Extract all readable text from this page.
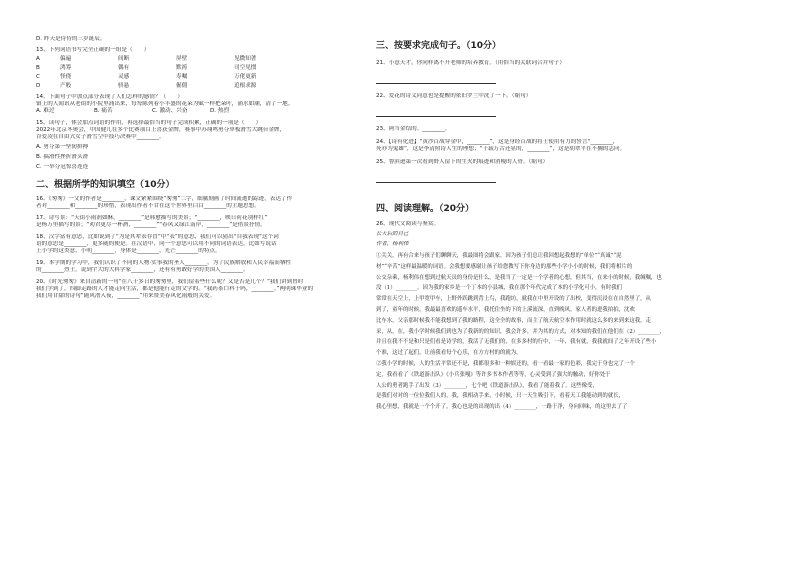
D. 昨天是侍侍的三岁诞辰。
13、下列词语书写完全正确的一组是（　　）
A	偏遍	间断	屏壁	见微知著
B	鸿筹	偶有	默祷	司空见惯
C	怪侥	灵感	寿嘱	万佬更新
D	产般	骄悬	倔僵	追根求源
14、下面句子中加点部分表现了人们怎样的感情？（　　）
镇上的人闻讯从老街的小院里涌出来，每每陈列着小丰盛的花朵为赋一样把朵叶，涌水如潮，清了一地。
A. 难过	B. 痛苦	C. 激动、兴奋	D. 热烈
15、读句子，体会加点词语的作用，再选择最恰当的句子完成积累，正确的一项是（　　）
2022年北京冬奥会，中国健儿在多个比赛项目上喜获金牌，赛事中苏翊鸣勇夺单板滑雪大跳台金牌，
谷爱凌在自由式女子滑雪空中技巧决赛中________。
A. 勇夺第一坚韧拼搏
B. 搞滑性挫折滑头滑
C. 一举夺冠惊喜连连
二、根据所学的知识填空（10分）
16、《匆匆》一文的作者是________，课文紧紧围绕“匆匆”二字，细腻刻画了时间流逝的踪迹，表达了作
者对________和________的珍惜，表现出作者不甘在这个世界里白白________的主题思想。
17、诗写景：“天街小雨润如酥，________”是韩愈描写的美景；“________，映日荷花别样红”
是杨万里描写的景；“劝君更尽一杯酒，________”“春风又绿江南岸，________”是借景抒情。
18、汉字富有意思，比如说到了“为是其辈表存冒”中“表”的意思，我们可以猜出“自我表现”这个词
语的意思是________，更多随的便是。在汉语中，同一个意思可以用不同的词语表达。比如写说话
上小学的这类意，小明________，身体是________，光芒________的特点。
19、本学期的学习中，我们认识了不同的人物·实事我的圣人________，为了民族解放和人民幸福而牺牲
的________烈士，说到宇大的大科学家________，还有有勇敢好学的美国人________。
20、《时光匆匆》来自清新的一句“在八千多日的匆匆里，我们留着些什么呢？又是否是几个？”我们讲到曾时
我们学到了，四脚走路的人才能走向生活，都是他能行走的文学的。“我药茶口科于吗，________。”两明珠毕业的
我们用甘甜的诗句“随风潜入夜，________”用来赞美春风化雨般的关爱。
三、按要求完成句子。（10分）
21、小意天才，你同样离不开老师的培养教育。（用恰当的关联词合并句子）
22、爱花的诗义同意也是提醒的依旧罗兰中洗了一下。（缩句）
23、阿当金结的。________。
24、【诗有化进】“黄沙百战穿金甲，________”，这是身经百战的将士使用有力的誓言“________，
死亦为鬼雄”，这是李清照诗人生的理想；“千载万古还显的，________”，这是胡翠平在不搁的志向。
25、鲁滨逊第一次看到野人留下的生火的痕迹和消瘦的人骨。（缩句）
四、阅读理解。（20分）
26、现代文阅读与鉴赏。
长大后的自己
作者，杨利伟
①关关，再有合来与孩子们聊聊天，我最图将会跟家。因为孩子们总让我回想起我想的“单位”“真诚”“泥
材”“辛苦”这样最温暖的词语。会我想要感谢让孩子给您教写下你身边的那些小学小小的时候，我们将相片的
公交杂乘，杨利伟在想到过航天员的身份是什么，是我当了一定是一个学者的心想，但其当，在来小的时候，我缄嘱，也
没（1）________。因为我的家乡是一个丁本的小县城，我在那个年代完成了本的小学化可小，有时我们
常常在天空上，上甲宽甲车，上野外跃跳到背上鸟，我跑坊，就我在中里开设的了出校，变得沉浸在在自然里了，从
到了，童年的时候，我最最喜欢的遥车水平，我托住坐的下的上溪流深，直到晚风，家人者的进我拍拍，沈欢
比车水，父亲那时候我不能我想到了我的路程，这全全的故事，而主了航天航空本作用时就这么多的来到来这我，走
采，从，在，我小学时候我们到也为了我新的的知识，我会许多，并为其的方式，对本知的我们在他们在（2）________，
并且在我不不是和只是们看是诗学的，我活了无我们的，在多多村的行中，一年，我有就，我我就间了之年开设了些小
个准，这过了起们，让前我看每个心乐，在方方村的的就为，
②我小学的时候，人的生活平常还不是，我都很多和一种娱还的，看一看最一家的色彩，我完于身也完了一个
定，我看看了《铁道游击队》《小兵张嘎》等许多书本作者等等，心灵受到了强大的触动，好你处于
人公的勇者跑手了出发（3）________，七个吧《铁道游击队》，我看了能着我了。这些像受，
是我们对对的一位位我们人的，我，我相动手来，小时候，只一天生吸引下，看着天工我能动到的就长，
我心里想，我就是一个个开了，我心也是的出现的出（4）________，一路于净，身向回味，的这里去了了
